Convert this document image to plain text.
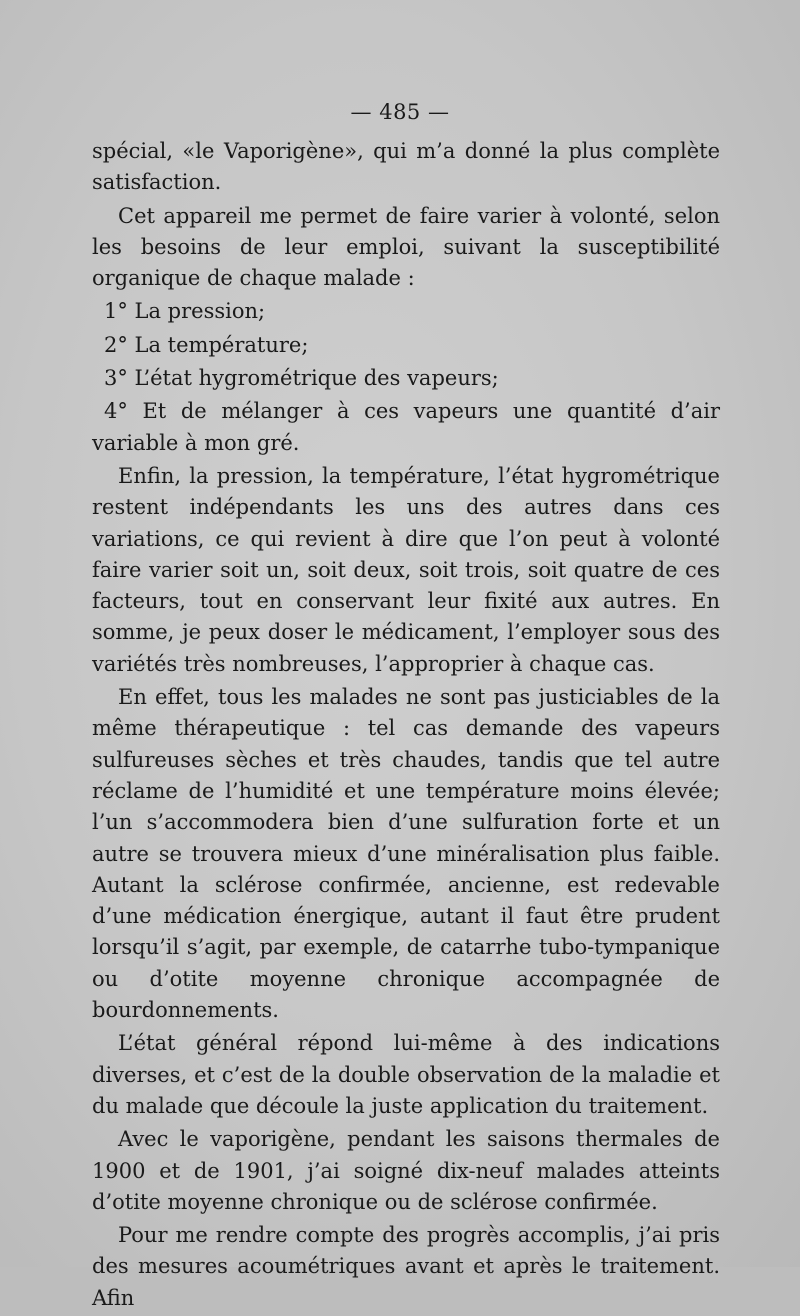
— 485 —

spécial, «le Vaporigène», qui m’a donné la plus complète satisfaction.

Cet appareil me permet de faire varier à volonté, selon les besoins de leur emploi, suivant la susceptibilité organique de chaque malade :

1° La pression;

2° La température;

3° L’état hygrométrique des vapeurs;

4° Et de mélanger à ces vapeurs une quantité d’air variable à mon gré.

Enfin, la pression, la température, l’état hygrométrique restent indépendants les uns des autres dans ces variations, ce qui revient à dire que l’on peut à volonté faire varier soit un, soit deux, soit trois, soit quatre de ces facteurs, tout en conservant leur fixité aux autres. En somme, je peux doser le médicament, l’employer sous des variétés très nombreuses, l’approprier à chaque cas.

En effet, tous les malades ne sont pas justiciables de la même thérapeutique : tel cas demande des vapeurs sulfureuses sèches et très chaudes, tandis que tel autre réclame de l’humidité et une température moins élevée; l’un s’accommodera bien d’une sulfuration forte et un autre se trouvera mieux d’une minéralisation plus faible. Autant la sclérose confirmée, ancienne, est redevable d’une médication énergique, autant il faut être prudent lorsqu’il s’agit, par exemple, de catarrhe tubo-tympanique ou d’otite moyenne chronique accompagnée de bourdonnements.

L’état général répond lui-même à des indications diverses, et c’est de la double observation de la maladie et du malade que découle la juste application du traitement.

Avec le vaporigène, pendant les saisons thermales de 1900 et de 1901, j’ai soigné dix-neuf malades atteints d’otite moyenne chronique ou de sclérose confirmée.

Pour me rendre compte des progrès accomplis, j’ai pris des mesures acoumétriques avant et après le traitement. Afin
